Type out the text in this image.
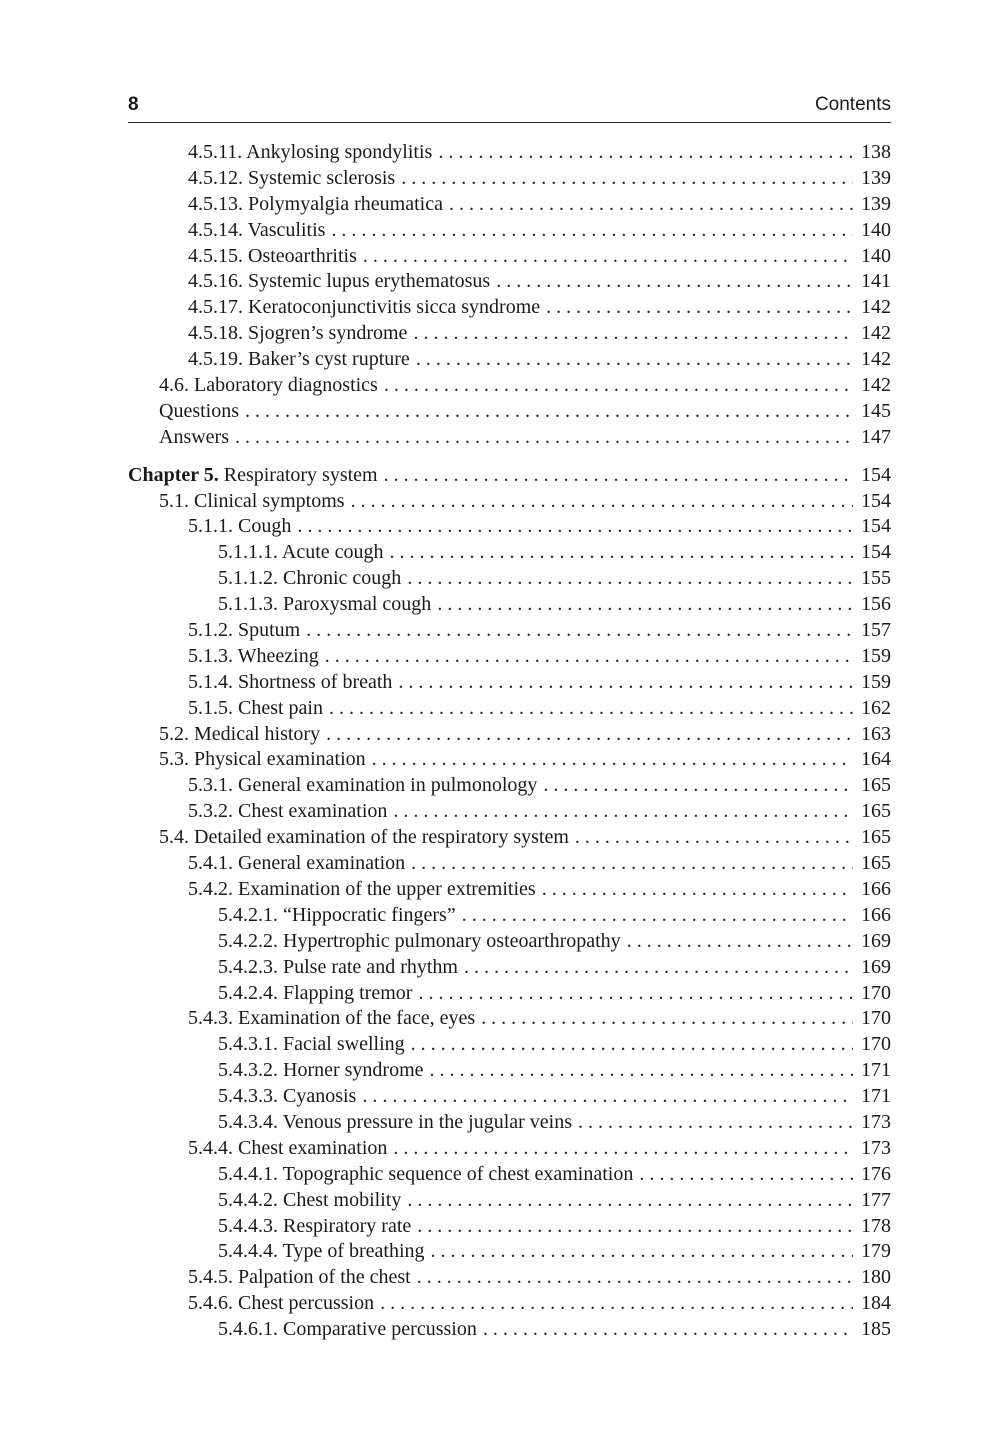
8	Contents
4.5.11. Ankylosing spondylitis . . .	138
4.5.12. Systemic sclerosis . . .	139
4.5.13. Polymyalgia rheumatica . . .	139
4.5.14. Vasculitis . . .	140
4.5.15. Osteoarthritis . . .	140
4.5.16. Systemic lupus erythematosus . . .	141
4.5.17. Keratoconjunctivitis sicca syndrome . . .	142
4.5.18. Sjogren’s syndrome . . .	142
4.5.19. Baker’s cyst rupture . . .	142
4.6. Laboratory diagnostics . . .	142
Questions . . .	145
Answers . . .	147
Chapter 5. Respiratory system . . .	154
5.1. Clinical symptoms . . .	154
5.1.1. Cough . . .	154
5.1.1.1. Acute cough . . .	154
5.1.1.2. Chronic cough . . .	155
5.1.1.3. Paroxysmal cough . . .	156
5.1.2. Sputum . . .	157
5.1.3. Wheezing . . .	159
5.1.4. Shortness of breath . . .	159
5.1.5. Chest pain . . .	162
5.2. Medical history . . .	163
5.3. Physical examination . . .	164
5.3.1. General examination in pulmonology . . .	165
5.3.2. Chest examination . . .	165
5.4. Detailed examination of the respiratory system . . .	165
5.4.1. General examination . . .	165
5.4.2. Examination of the upper extremities . . .	166
5.4.2.1. “Hippocratic fingers” . . .	166
5.4.2.2. Hypertrophic pulmonary osteoarthropathy . . .	169
5.4.2.3. Pulse rate and rhythm . . .	169
5.4.2.4. Flapping tremor . . .	170
5.4.3. Examination of the face, eyes . . .	170
5.4.3.1. Facial swelling . . .	170
5.4.3.2. Horner syndrome . . .	171
5.4.3.3. Cyanosis . . .	171
5.4.3.4. Venous pressure in the jugular veins . . .	173
5.4.4. Chest examination . . .	173
5.4.4.1. Topographic sequence of chest examination . . .	176
5.4.4.2. Chest mobility . . .	177
5.4.4.3. Respiratory rate . . .	178
5.4.4.4. Type of breathing . . .	179
5.4.5. Palpation of the chest . . .	180
5.4.6. Chest percussion . . .	184
5.4.6.1. Comparative percussion . . .	185
